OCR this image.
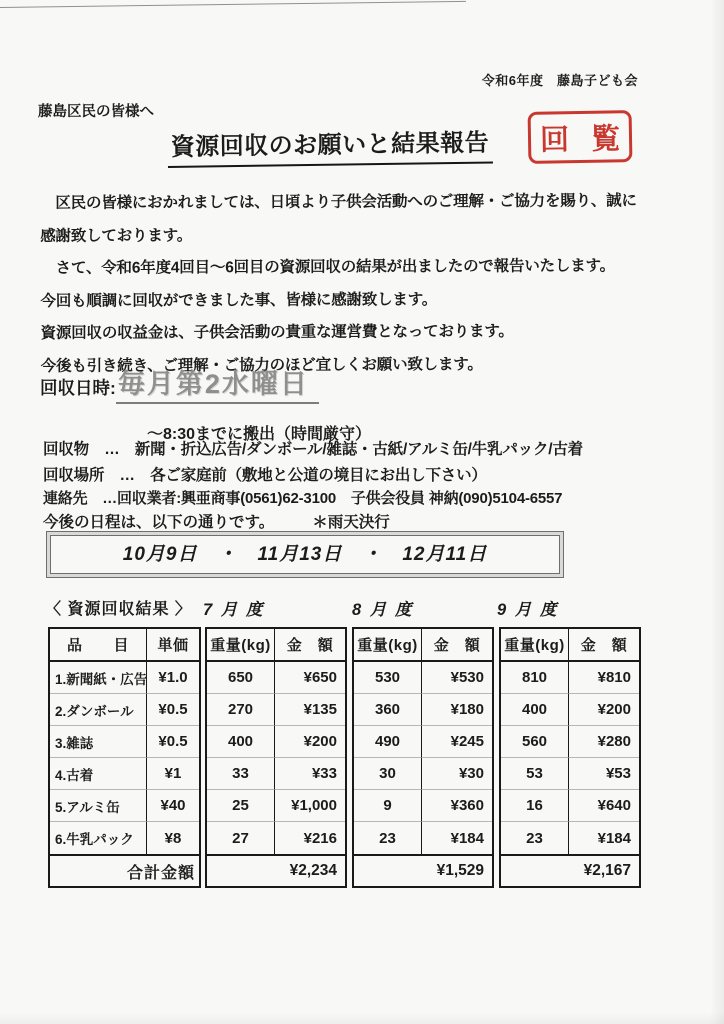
令和6年度　藤島子ども会
藤島区民の皆様へ
資源回収のお願いと結果報告 回 覧
　区民の皆様におかれましては、日頃より子供会活動へのご理解・ご協力を賜り、誠に
感謝致しております。
　さて、令和6年度4回目～6回目の資源回収の結果が出ましたので報告いたします。
今回も順調に回収ができました事、皆様に感謝致します。
資源回収の収益金は、子供会活動の貴重な運営費となっております。
今後も引き続き、ご理解・ご協力のほど宜しくお願い致します。
回収日時: 毎月第2水曜日
～8:30までに搬出（時間厳守）
回収物　…　新聞・折込広告/ダンボール/雑誌・古紙/アルミ缶/牛乳パック/古着
回収場所　…　各ご家庭前（敷地と公道の境目にお出し下さい）
連絡先　…回収業者:興亜商事(0561)62-3100　子供会役員 神納(090)5104-6557
今後の日程は、以下の通りです。 ＊雨天決行
10月9日　・　11月13日　・　12月11日
〈 資源回収結果 〉 7 月 度	8 月 度	9 月 度
品　　目	単価
1.新聞紙・広告 ¥1.0
2.ダンボール	¥0.5
3.雑誌	¥0.5
4.古着	¥1
5.アルミ缶	¥40
6.牛乳パック	¥8
合計金額
重量(kg)	金　額
650	¥650
270	¥135
400	¥200
33	¥33
25	¥1,000
27	¥216
¥2,234
重量(kg)	金　額
530	¥530
360	¥180
490	¥245
30	¥30
9	¥360
23	¥184
¥1,529
重量(kg)	金　額
810	¥810
400	¥200
560	¥280
53	¥53
16	¥640
23	¥184
¥2,167
